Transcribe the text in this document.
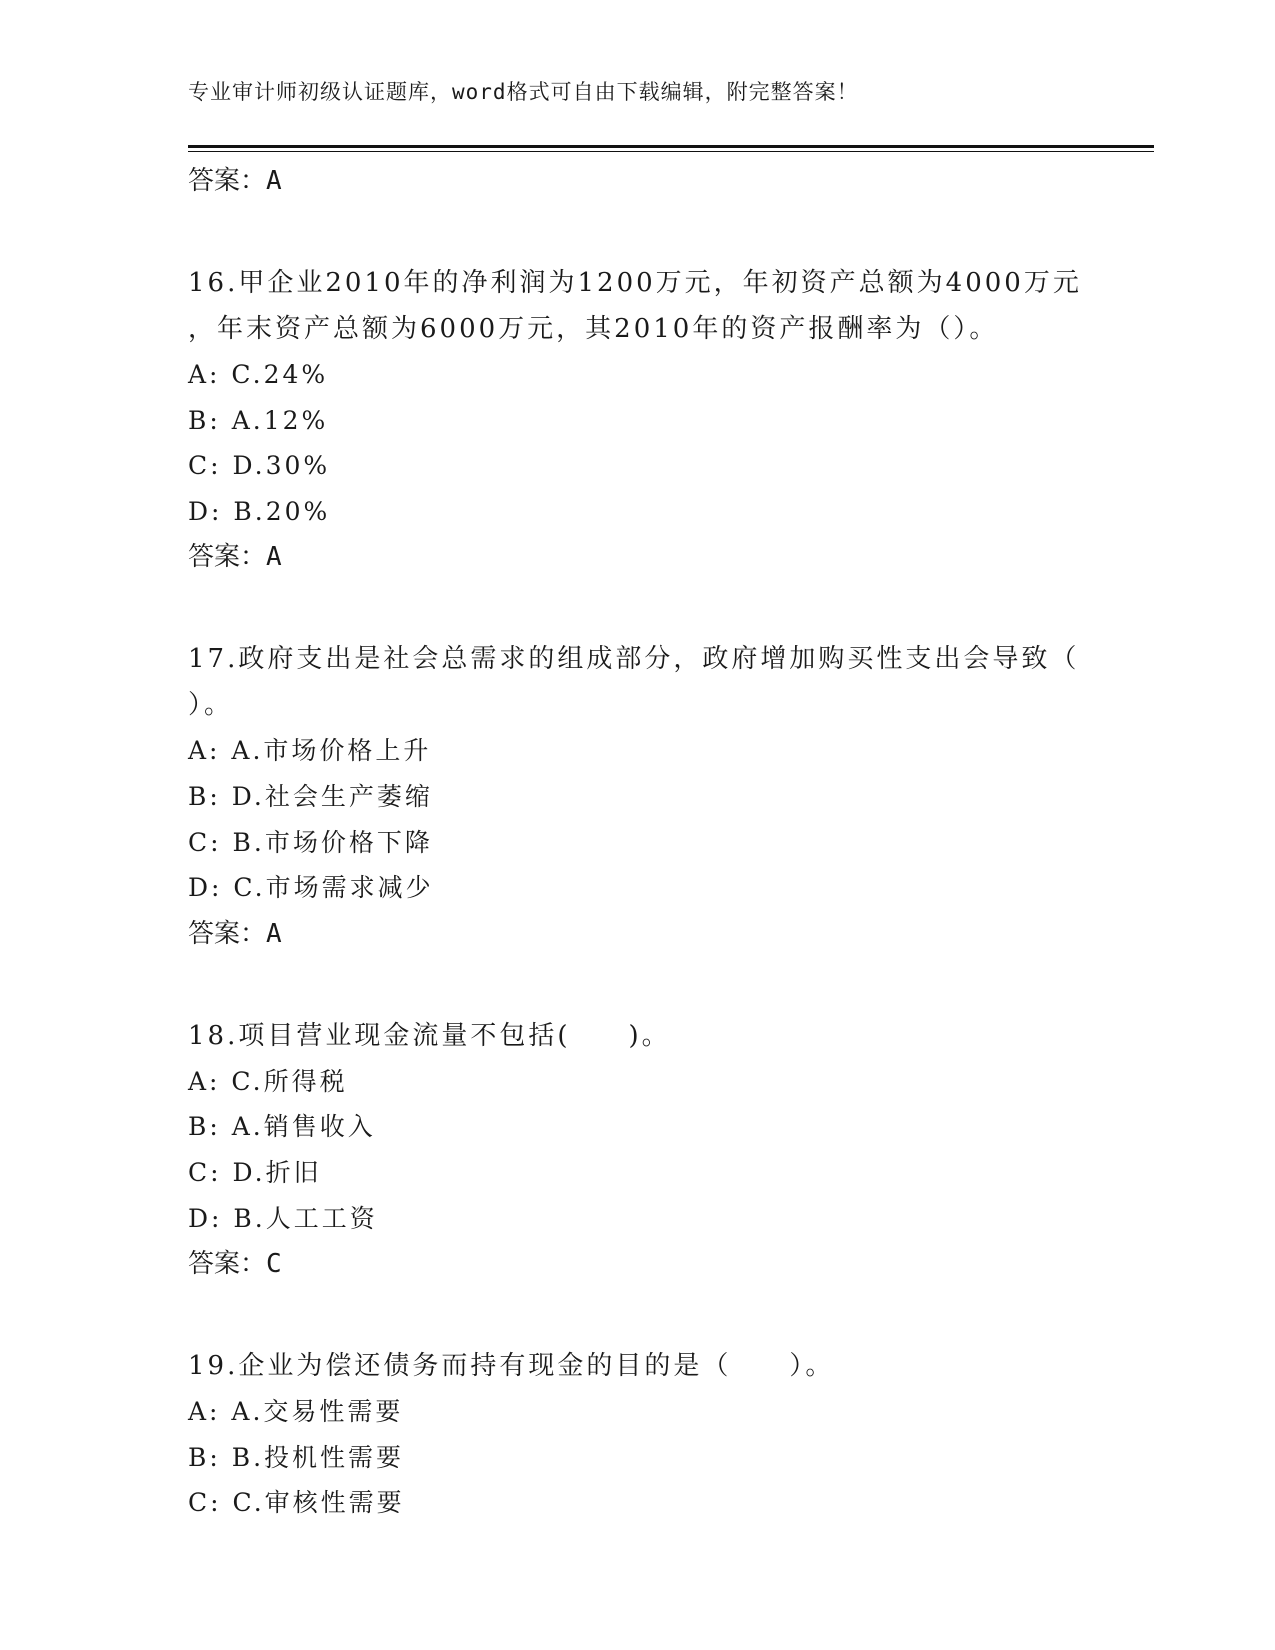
专业审计师初级认证题库，word格式可自由下载编辑，附完整答案！
答案：A
16.甲企业2010年的净利润为1200万元，年初资产总额为4000万元
，年末资产总额为6000万元，其2010年的资产报酬率为（）。
A: C.24%
B: A.12%
C: D.30%
D: B.20%
答案：A
17.政府支出是社会总需求的组成部分，政府增加购买性支出会导致（
）。
A: A.市场价格上升
B: D.社会生产萎缩
C: B.市场价格下降
D: C.市场需求减少
答案：A
18.项目营业现金流量不包括(　　)。
A: C.所得税
B: A.销售收入
C: D.折旧
D: B.人工工资
答案：C
19.企业为偿还债务而持有现金的目的是（　　）。
A: A.交易性需要
B: B.投机性需要
C: C.审核性需要
